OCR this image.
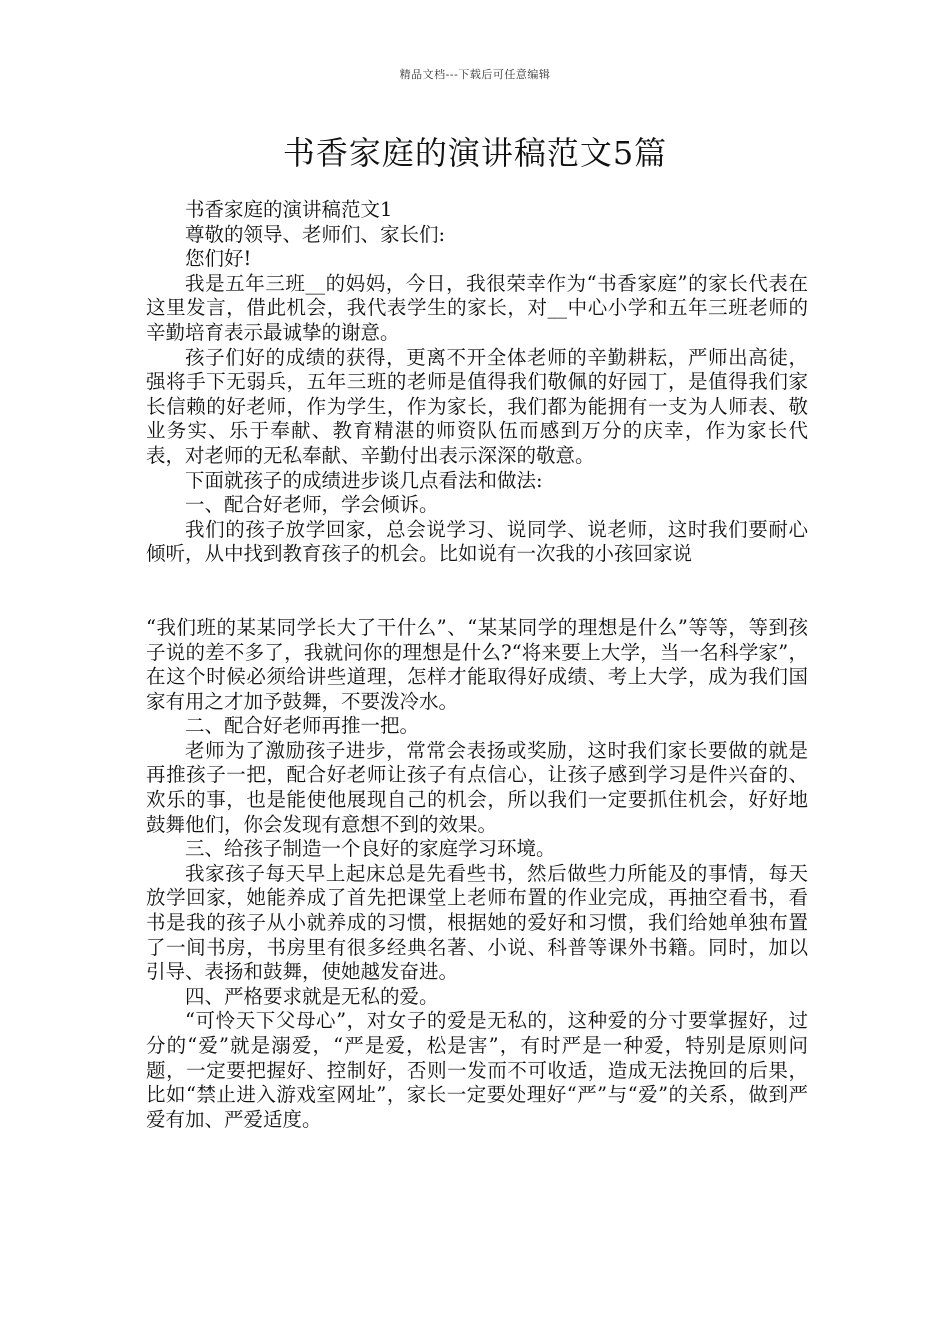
精品文档---下载后可任意编辑
书香家庭的演讲稿范文5篇

书香家庭的演讲稿范文1

尊敬的领导、老师们、家长们:

您们好!

我是五年三班__的妈妈，今日，我很荣幸作为“书香家庭”的家长代表在这里发言，借此机会，我代表学生的家长，对__中心小学和五年三班老师的辛勤培育表示最诚挚的谢意。

孩子们好的成绩的获得，更离不开全体老师的辛勤耕耘，严师出高徒，强将手下无弱兵，五年三班的老师是值得我们敬佩的好园丁，是值得我们家长信赖的好老师，作为学生，作为家长，我们都为能拥有一支为人师表、敬业务实、乐于奉献、教育精湛的师资队伍而感到万分的庆幸，作为家长代表，对老师的无私奉献、辛勤付出表示深深的敬意。

下面就孩子的成绩进步谈几点看法和做法:

一、配合好老师，学会倾诉。

我们的孩子放学回家，总会说学习、说同学、说老师，这时我们要耐心倾听，从中找到教育孩子的机会。比如说有一次我的小孩回家说

“我们班的某某同学长大了干什么”、“某某同学的理想是什么”等等，等到孩子说的差不多了，我就问你的理想是什么?“将来要上大学，当一名科学家”，在这个时候必须给讲些道理，怎样才能取得好成绩、考上大学，成为我们国家有用之才加予鼓舞，不要泼冷水。

二、配合好老师再推一把。

老师为了激励孩子进步，常常会表扬或奖励，这时我们家长要做的就是再推孩子一把，配合好老师让孩子有点信心，让孩子感到学习是件兴奋的、欢乐的事，也是能使他展现自己的机会，所以我们一定要抓住机会，好好地鼓舞他们，你会发现有意想不到的效果。

三、给孩子制造一个良好的家庭学习环境。

我家孩子每天早上起床总是先看些书，然后做些力所能及的事情，每天放学回家，她能养成了首先把课堂上老师布置的作业完成，再抽空看书，看书是我的孩子从小就养成的习惯，根据她的爱好和习惯，我们给她单独布置了一间书房，书房里有很多经典名著、小说、科普等课外书籍。同时，加以引导、表扬和鼓舞，使她越发奋进。

四、严格要求就是无私的爱。

“可怜天下父母心”，对女子的爱是无私的，这种爱的分寸要掌握好，过分的“爱”就是溺爱，“严是爱，松是害”，有时严是一种爱，特别是原则问题，一定要把握好、控制好，否则一发而不可收适，造成无法挽回的后果，比如“禁止进入游戏室网址”，家长一定要处理好“严”与“爱”的关系，做到严爱有加、严爱适度。
